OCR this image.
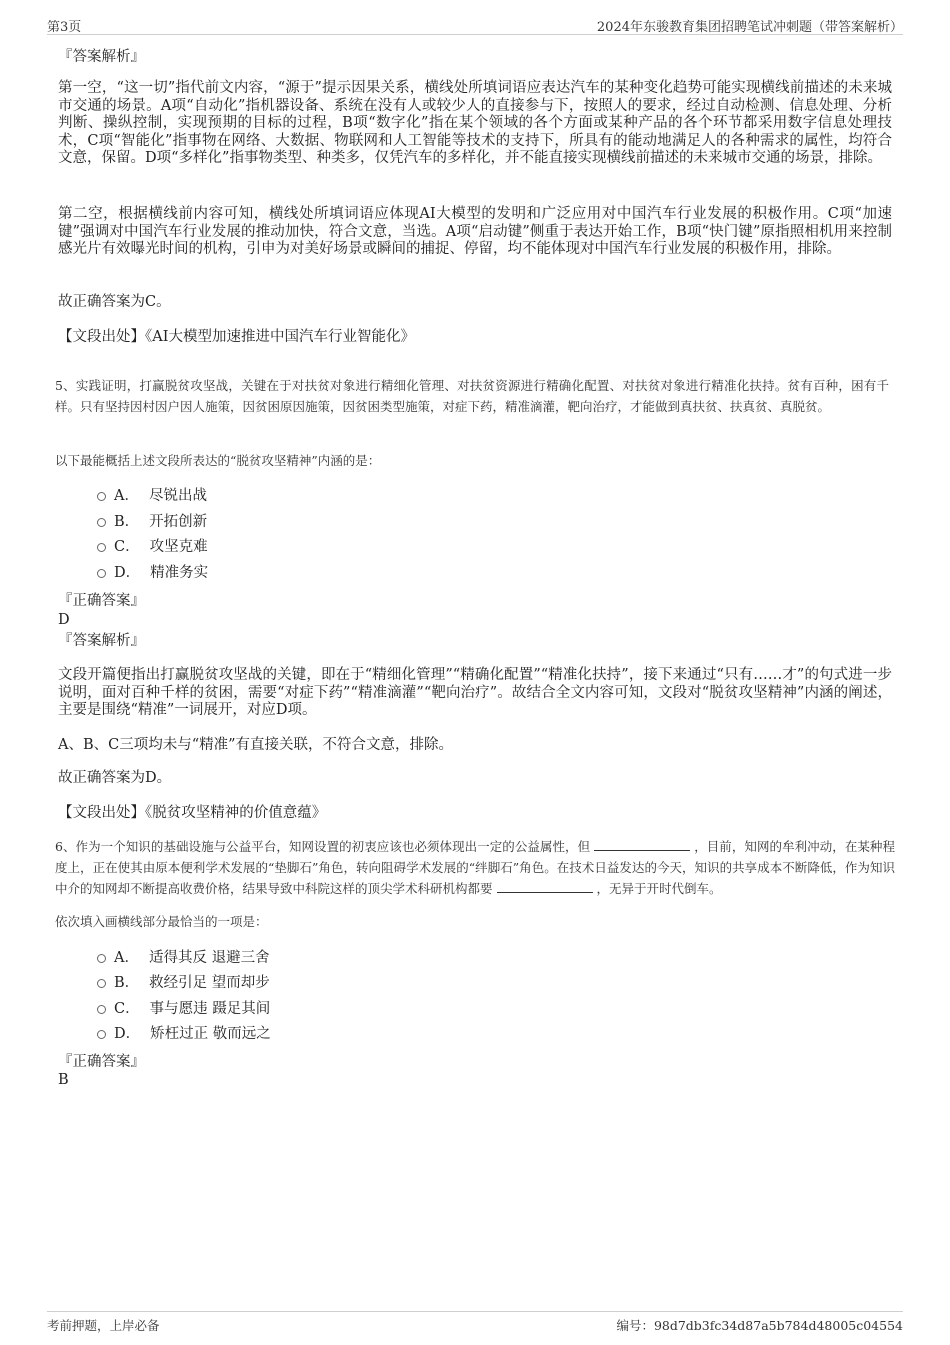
第3页	2024年东骏教育集团招聘笔试冲刺题（带答案解析）
『答案解析』
第一空，“这一切”指代前文内容，“源于”提示因果关系，横线处所填词语应表达汽车的某种变化趋势可能实现横线前描述的未来城市交通的场景。A项“自动化”指机器设备、系统在没有人或较少人的直接参与下，按照人的要求，经过自动检测、信息处理、分析判断、操纵控制，实现预期的目标的过程，B项“数字化”指在某个领域的各个方面或某种产品的各个环节都采用数字信息处理技术，C项“智能化”指事物在网络、大数据、物联网和人工智能等技术的支持下，所具有的能动地满足人的各种需求的属性，均符合文意，保留。D项“多样化”指事物类型、种类多，仅凭汽车的多样化，并不能直接实现横线前描述的未来城市交通的场景，排除。
第二空，根据横线前内容可知，横线处所填词语应体现AI大模型的发明和广泛应用对中国汽车行业发展的积极作用。C项“加速键”强调对中国汽车行业发展的推动加快，符合文意，当选。A项“启动键”侧重于表达开始工作，B项“快门键”原指照相机用来控制感光片有效曝光时间的机构，引申为对美好场景或瞬间的捕捉、停留，均不能体现对中国汽车行业发展的积极作用，排除。
故正确答案为C。
【文段出处】《AI大模型加速推进中国汽车行业智能化》
5、实践证明，打赢脱贫攻坚战，关键在于对扶贫对象进行精细化管理、对扶贫资源进行精确化配置、对扶贫对象进行精准化扶持。贫有百种，困有千样。只有坚持因村因户因人施策，因贫困原因施策，因贫困类型施策，对症下药，精准滴灌，靶向治疗，才能做到真扶贫、扶真贫、真脱贫。
以下最能概括上述文段所表达的“脱贫攻坚精神”内涵的是：
A． 尽锐出战
B． 开拓创新
C． 攻坚克难
D． 精准务实
『正确答案』
D
『答案解析』
文段开篇便指出打赢脱贫攻坚战的关键，即在于“精细化管理”“精确化配置”“精准化扶持”，接下来通过“只有……才”的句式进一步说明，面对百种千样的贫困，需要“对症下药”“精准滴灌”“靶向治疗”。故结合全文内容可知，文段对“脱贫攻坚精神”内涵的阐述，主要是围绕“精准”一词展开，对应D项。
A、B、C三项均未与“精准”有直接关联，不符合文意，排除。
故正确答案为D。
【文段出处】《脱贫攻坚精神的价值意蕴》
6、作为一个知识的基础设施与公益平台，知网设置的初衷应该也必须体现出一定的公益属性，但	，目前，知网的牟利冲动，在某种程度上，正在使其由原本便利学术发展的“垫脚石”角色，转向阻碍学术发展的“绊脚石”角色。在技术日益发达的今天，知识的共享成本不断降低，作为知识中介的知网却不断提高收费价格，结果导致中科院这样的顶尖学术科研机构都要	，无异于开时代倒车。
依次填入画横线部分最恰当的一项是：
A． 适得其反 退避三舍
B． 救经引足 望而却步
C． 事与愿违 蹑足其间
D． 矫枉过正 敬而远之
『正确答案』
B
考前押题，上岸必备	编号：98d7db3fc34d87a5b784d48005c04554
